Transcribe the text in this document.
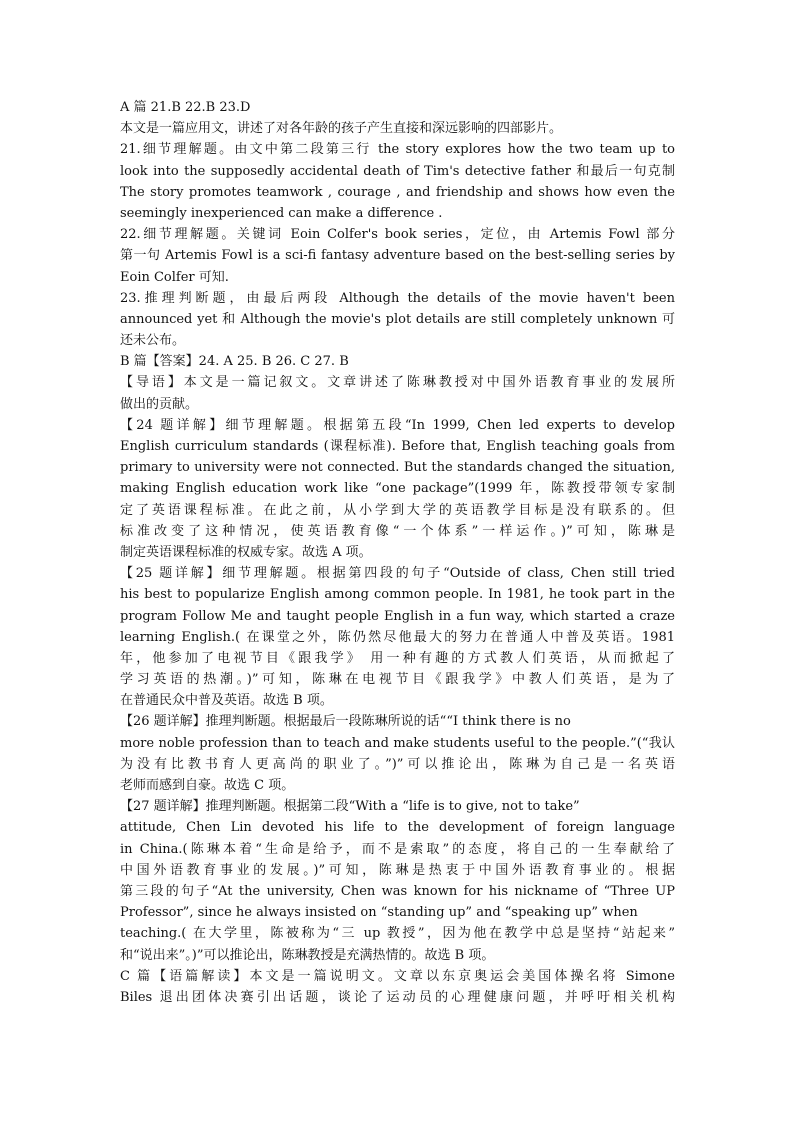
A 篇 21.B 22.B 23.D
本文是一篇应用文，讲述了对各年龄的孩子产生直接和深远影响的四部影片。
21.细节理解题。由文中第二段第三行 the story explores how the two team up to
look into the supposedly accidental death of Tim's detective father 和最后一句克制
The story promotes teamwork , courage , and friendship and shows how even the
seemingly inexperienced can make a difference .
22.细节理解题。关键词 Eoin Colfer's book series，定位，由 Artemis Fowl 部分
第一句 Artemis Fowl is a sci-fi fantasy adventure based on the best-selling series by
Eoin Colfer 可知.
23.推理判断题，由最后两段 Although the details of the movie haven't been
announced yet 和 Although the movie's plot details are still completely unknown 可
还未公布。
B 篇【答案】24. A 25. B 26. C 27. B
【导语】本文是一篇记叙文。文章讲述了陈琳教授对中国外语教育事业的发展所
做出的贡献。
【24 题详解】细节理解题。根据第五段“In 1999, Chen led experts to develop
English curriculum standards (课程标准). Before that, English teaching goals from
primary to university were not connected. But the standards changed the situation,
making English education work like “one package”(1999 年，陈教授带领专家制
定了英语课程标准。在此之前，从小学到大学的英语教学目标是没有联系的。但
标准改变了这种情况，使英语教育像“一个体系”一样运作。)”可知，陈琳是
制定英语课程标准的权威专家。故选 A 项。
【25 题详解】细节理解题。根据第四段的句子“Outside of class, Chen still tried
his best to popularize English among common people. In 1981, he took part in the
program Follow Me and taught people English in a fun way, which started a craze
learning English.( 在课堂之外，陈仍然尽他最大的努力在普通人中普及英语。1981
年，他参加了电视节目《跟我学》 用一种有趣的方式教人们英语，从而掀起了
学习英语的热潮。)”可知，陈琳在电视节目《跟我学》中教人们英语，是为了
在普通民众中普及英语。故选 B 项。
【26 题详解】推理判断题。根据最后一段陈琳所说的话““I think there is no
more noble profession than to teach and make students useful to the people.”(“我认
为没有比教书育人更高尚的职业了。”)”可以推论出，陈琳为自己是一名英语
老师而感到自豪。故选 C 项。
【27 题详解】推理判断题。根据第二段“With a “life is to give, not to take”
attitude, Chen Lin devoted his life to the development of foreign language
in China.(陈琳本着“生命是给予，而不是索取”的态度，将自己的一生奉献给了
中国外语教育事业的发展。)”可知，陈琳是热衷于中国外语教育事业的。根据
第三段的句子“At the university, Chen was known for his nickname of “Three UP
Professor”, since he always insisted on “standing up” and “speaking up” when
teaching.( 在大学里，陈被称为“三 up 教授”，因为他在教学中总是坚持“站起来”
和“说出来”。)”可以推论出，陈琳教授是充满热情的。故选 B 项。
C 篇【语篇解读】本文是一篇说明文。文章以东京奥运会美国体操名将 Simone
Biles 退出团体决赛引出话题，谈论了运动员的心理健康问题，并呼吁相关机构
